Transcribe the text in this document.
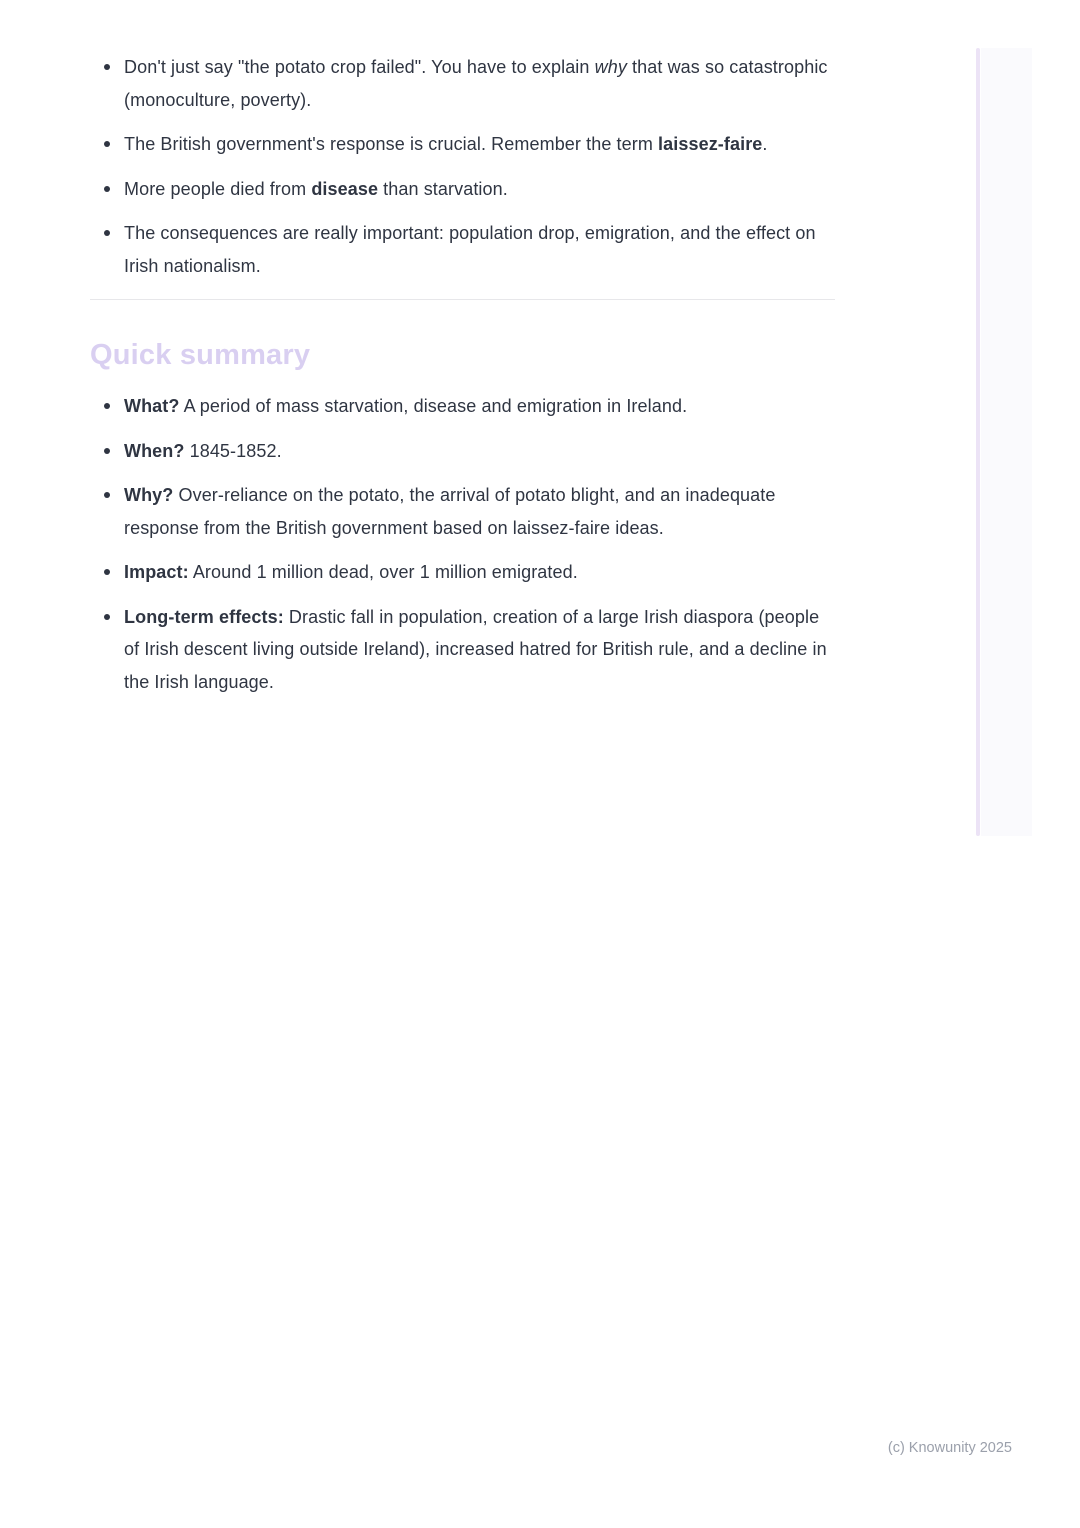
Don't just say "the potato crop failed". You have to explain why that was so catastrophic (monoculture, poverty).
The British government's response is crucial. Remember the term laissez-faire.
More people died from disease than starvation.
The consequences are really important: population drop, emigration, and the effect on Irish nationalism.
Quick summary
What? A period of mass starvation, disease and emigration in Ireland.
When? 1845-1852.
Why? Over-reliance on the potato, the arrival of potato blight, and an inadequate response from the British government based on laissez-faire ideas.
Impact: Around 1 million dead, over 1 million emigrated.
Long-term effects: Drastic fall in population, creation of a large Irish diaspora (people of Irish descent living outside Ireland), increased hatred for British rule, and a decline in the Irish language.
(c) Knowunity 2025
